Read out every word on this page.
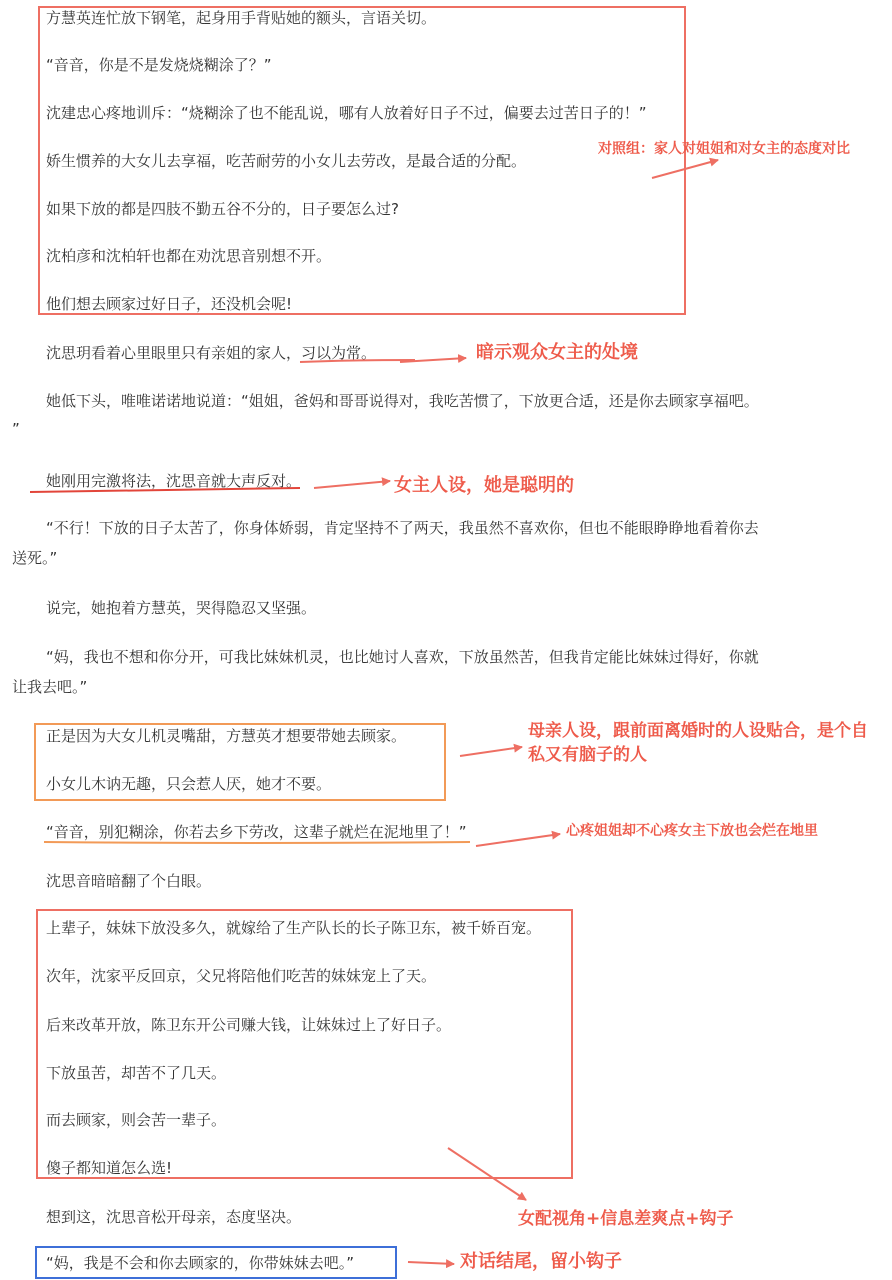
方慧英连忙放下钢笔，起身用手背贴她的额头，言语关切。
“音音，你是不是发烧烧糊涂了？”
沈建忠心疼地训斥：“烧糊涂了也不能乱说，哪有人放着好日子不过，偏要去过苦日子的！”
娇生惯养的大女儿去享福，吃苦耐劳的小女儿去劳改，是最合适的分配。
如果下放的都是四肢不勤五谷不分的，日子要怎么过?
沈柏彦和沈柏轩也都在劝沈思音别想不开。
他们想去顾家过好日子，还没机会呢!
沈思玥看着心里眼里只有亲姐的家人，习以为常。
她低下头，唯唯诺诺地说道：“姐姐，爸妈和哥哥说得对，我吃苦惯了，下放更合适，还是你去顾家享福吧。
”
她刚用完激将法，沈思音就大声反对。
“不行！下放的日子太苦了，你身体娇弱，肯定坚持不了两天，我虽然不喜欢你，但也不能眼睁睁地看着你去
送死。”
说完，她抱着方慧英，哭得隐忍又坚强。
“妈，我也不想和你分开，可我比妹妹机灵，也比她讨人喜欢，下放虽然苦，但我肯定能比妹妹过得好，你就
让我去吧。”
正是因为大女儿机灵嘴甜，方慧英才想要带她去顾家。
小女儿木讷无趣，只会惹人厌，她才不要。
“音音，别犯糊涂，你若去乡下劳改，这辈子就烂在泥地里了！”
沈思音暗暗翻了个白眼。
上辈子，妹妹下放没多久，就嫁给了生产队长的长子陈卫东，被千娇百宠。
次年，沈家平反回京，父兄将陪他们吃苦的妹妹宠上了天。
后来改革开放，陈卫东开公司赚大钱，让妹妹过上了好日子。
下放虽苦，却苦不了几天。
而去顾家，则会苦一辈子。
傻子都知道怎么选!
想到这，沈思音松开母亲，态度坚决。
“妈，我是不会和你去顾家的，你带妹妹去吧。”
对照组：家人对姐姐和对女主的态度对比
暗示观众女主的处境
女主人设，她是聪明的
母亲人设，跟前面离婚时的人设贴合，是个自
私又有脑子的人
心疼姐姐却不心疼女主下放也会烂在地里
女配视角+信息差爽点+钩子
对话结尾，留小钩子
